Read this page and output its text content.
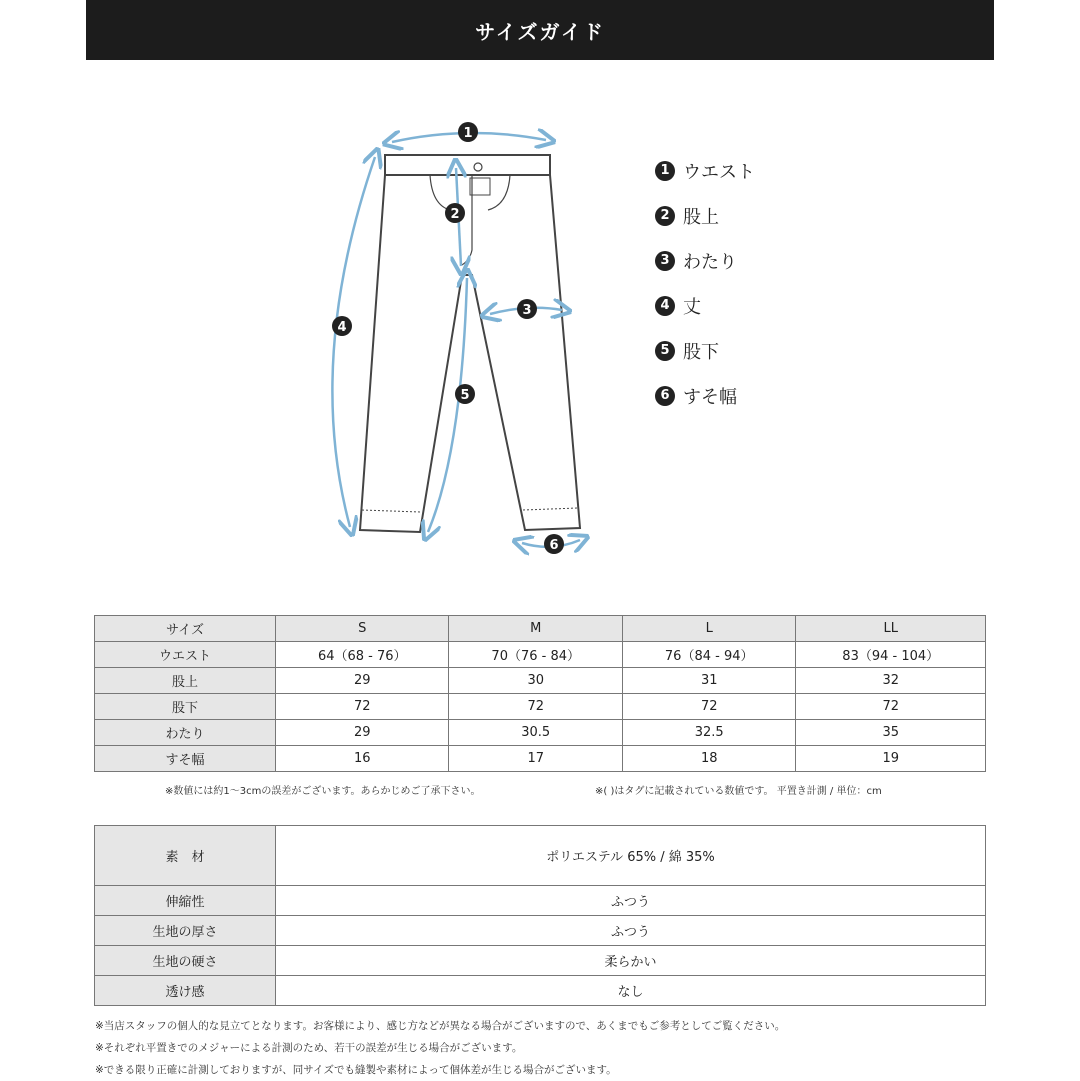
サイズガイド
1
2
3
4
5
6
1 ウエスト
2 股上
3 わたり
4 丈
5 股下
6 すそ幅
サイズ	S	M	L	LL
ウエスト	64（68 - 76）	70（76 - 84）	76（84 - 94）	83（94 - 104）
股上	29	30	31	32
股下	72	72	72	72
わたり	29	30.5	32.5	35
すそ幅	16	17	18	19
※数値には約1～3cmの誤差がございます。あらかじめご了承下さい。	※( )はタグに記載されている数値です。 平置き計測 / 単位：cm
素　材	ポリエステル 65% / 綿 35%
伸縮性	ふつう
生地の厚さ	ふつう
生地の硬さ	柔らかい
透け感	なし
※当店スタッフの個人的な見立てとなります。お客様により、感じ方などが異なる場合がございますので、あくまでもご参考としてご覧ください。
※それぞれ平置きでのメジャーによる計測のため、若干の誤差が生じる場合がございます。
※できる限り正確に計測しておりますが、同サイズでも縫製や素材によって個体差が生じる場合がございます。
